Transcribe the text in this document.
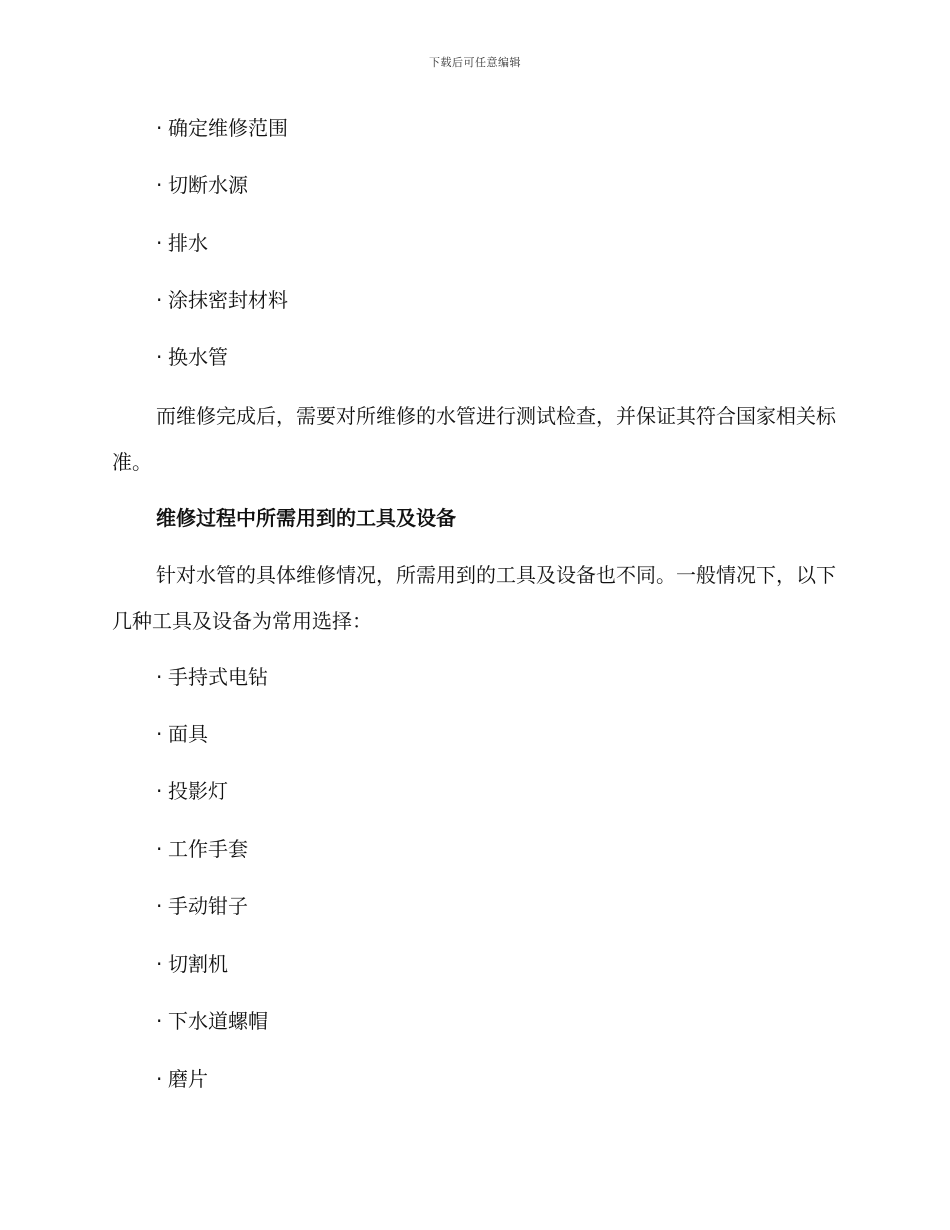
下载后可任意编辑
· 确定维修范围
· 切断水源
· 排水
· 涂抹密封材料
· 换水管

而维修完成后，需要对所维修的水管进行测试检查，并保证其符合国家相关标准。

维修过程中所需用到的工具及设备

针对水管的具体维修情况，所需用到的工具及设备也不同。一般情况下，以下几种工具及设备为常用选择：

· 手持式电钻
· 面具
· 投影灯
· 工作手套
· 手动钳子
· 切割机
· 下水道螺帽
· 磨片
